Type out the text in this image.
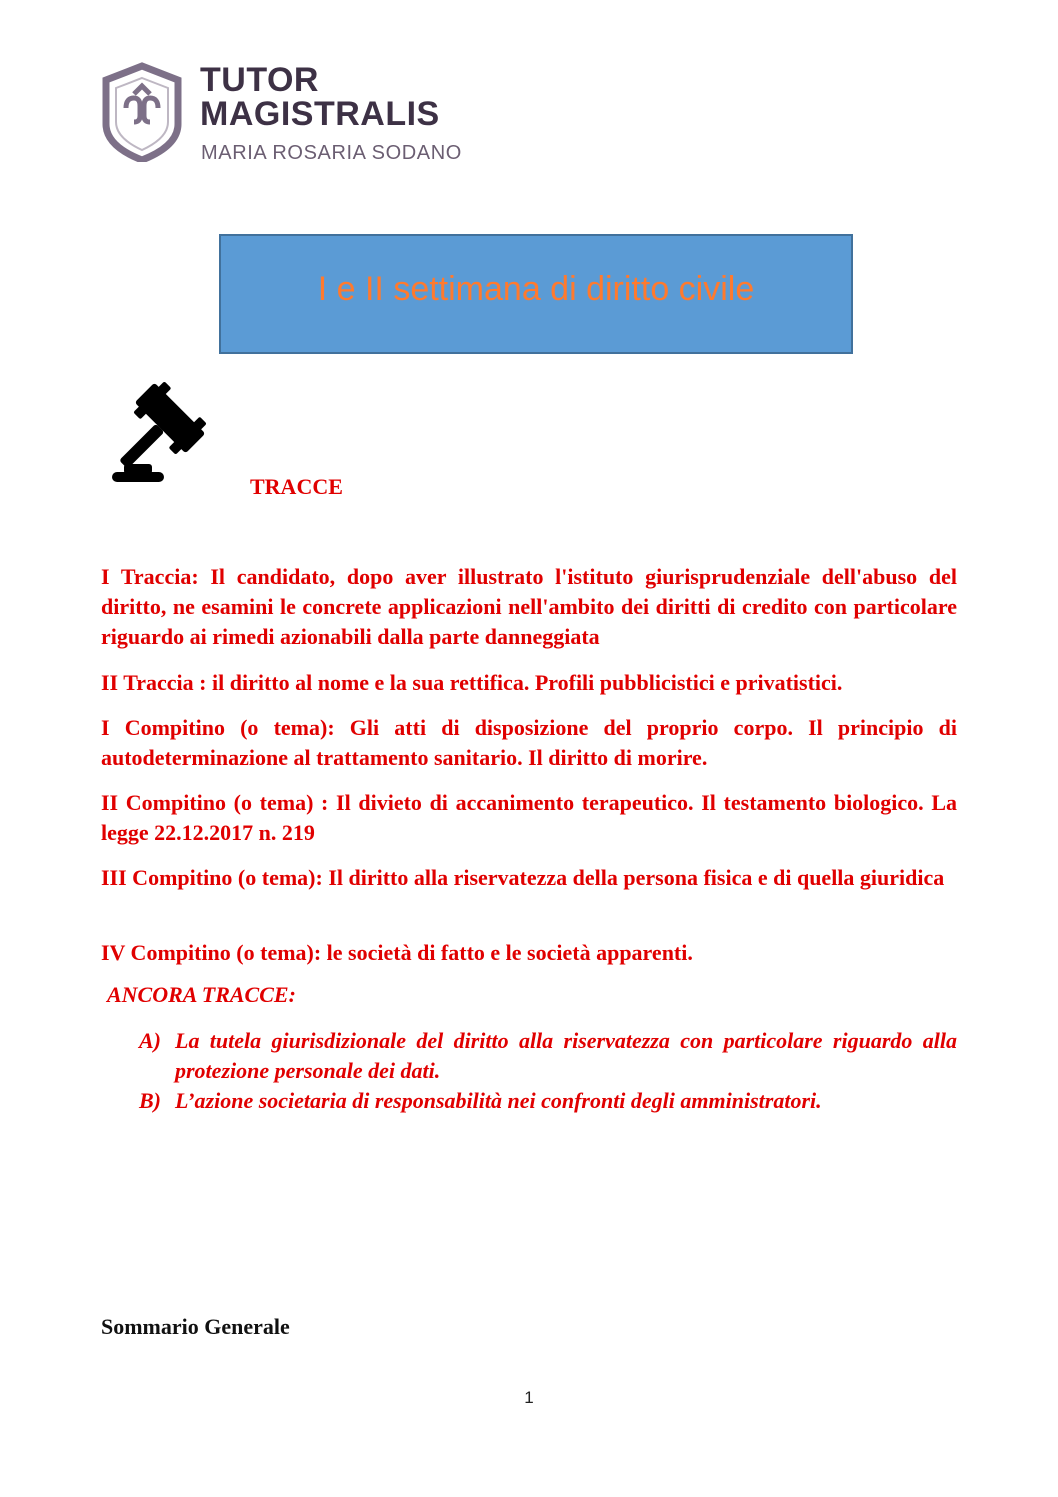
TUTOR
MAGISTRALIS
MARIA ROSARIA SODANO
I e II settimana di diritto civile
TRACCE

I Traccia: Il candidato, dopo aver illustrato l'istituto giurisprudenziale dell'abuso del diritto, ne esamini le concrete applicazioni nell'ambito dei diritti di credito con particolare riguardo ai rimedi azionabili dalla parte danneggiata

II Traccia : il diritto al nome e la sua rettifica. Profili pubblicistici e privatistici.

I Compitino (o tema): Gli atti di disposizione del proprio corpo. Il principio di autodeterminazione al trattamento sanitario. Il diritto di morire.

II Compitino (o tema) : Il divieto di accanimento terapeutico. Il testamento biologico. La legge 22.12.2017 n. 219

III Compitino (o tema): Il diritto alla riservatezza della persona fisica e di quella giuridica

IV Compitino (o tema): le società di fatto e le società apparenti.

ANCORA TRACCE:
A) La tutela giurisdizionale del diritto alla riservatezza con particolare riguardo alla protezione personale dei dati.
B) L’azione societaria di responsabilità nei confronti degli amministratori.
Sommario Generale
1
